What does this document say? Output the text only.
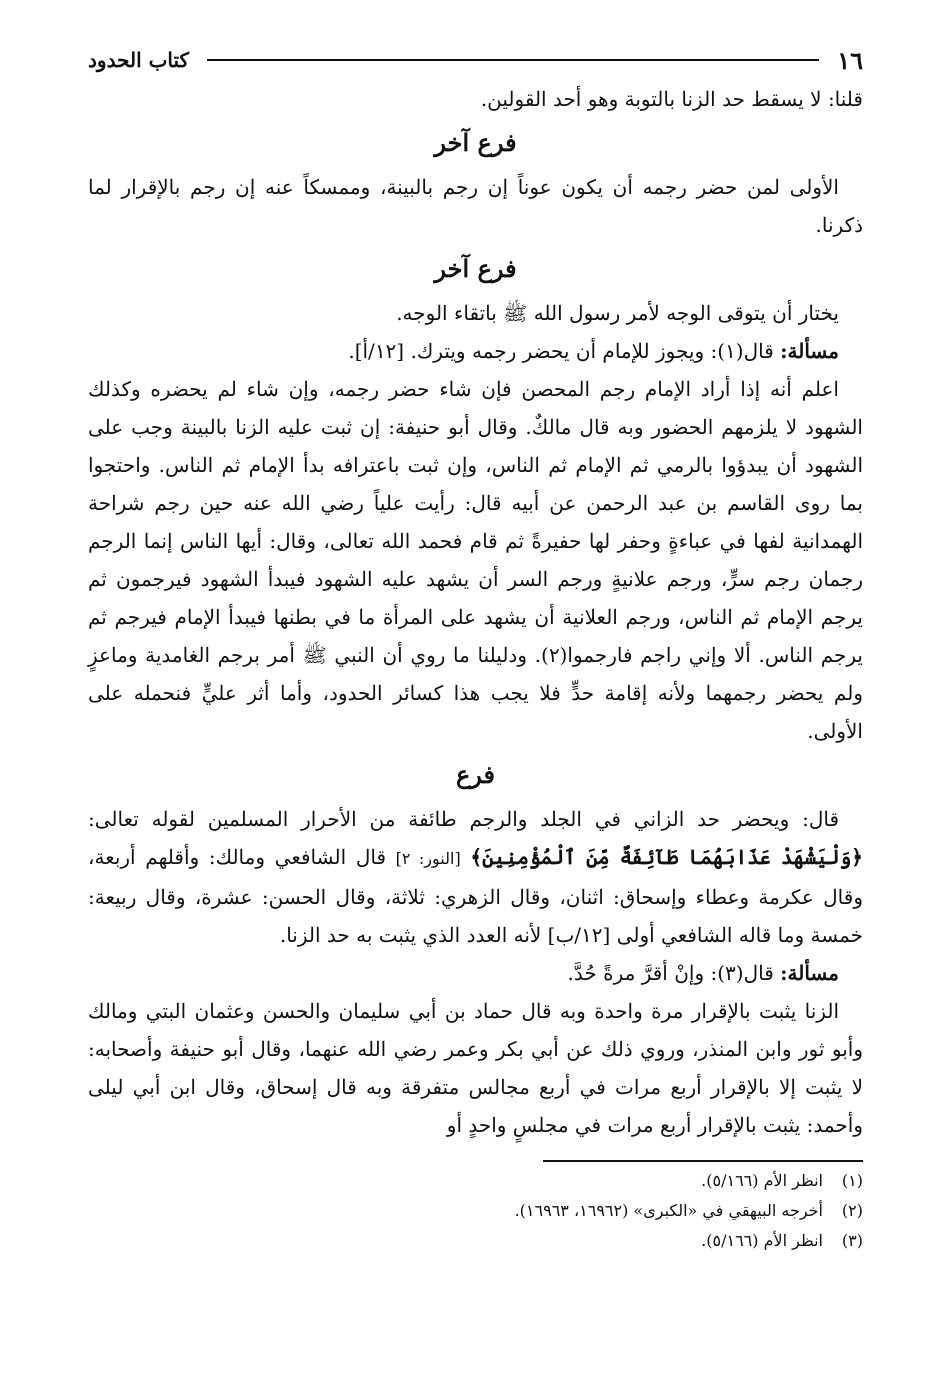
١٦
كتاب الحدود

قلنا: لا يسقط حد الزنا بالتوبة وهو أحد القولين.

فرع آخر

الأولى لمن حضر رجمه أن يكون عوناً إن رجم بالبينة، وممسكاً عنه إن رجم بالإقرار لما ذكرنا.

فرع آخر

يختار أن يتوقى الوجه لأمر رسول الله ﷺ باتقاء الوجه.

مسألة: قال(١): ويجوز للإمام أن يحضر رجمه ويترك. [١٢/أ].

اعلم أنه إذا أراد الإمام رجم المحصن فإن شاء حضر رجمه، وإن شاء لم يحضره وكذلك الشهود لا يلزمهم الحضور وبه قال مالكٌ. وقال أبو حنيفة: إن ثبت عليه الزنا بالبينة وجب على الشهود أن يبدؤوا بالرمي ثم الإمام ثم الناس، وإن ثبت باعترافه بدأ الإمام ثم الناس. واحتجوا بما روى القاسم بن عبد الرحمن عن أبيه قال: رأيت علياً رضي الله عنه حين رجم شراحة الهمدانية لفها في عباءةٍ وحفر لها حفيرةً ثم قام فحمد الله تعالى، وقال: أيها الناس إنما الرجم رجمان رجم سرٍّ، ورجم علانيةٍ ورجم السر أن يشهد عليه الشهود فيبدأ الشهود فيرجمون ثم يرجم الإمام ثم الناس، ورجم العلانية أن يشهد على المرأة ما في بطنها فيبدأ الإمام فيرجم ثم يرجم الناس. ألا وإني راجم فارجموا(٢). ودليلنا ما روي أن النبي ﷺ أمر برجم الغامدية وماعزٍ ولم يحضر رجمهما ولأنه إقامة حدٍّ فلا يجب هذا كسائر الحدود، وأما أثر عليٍّ فنحمله على الأولى.

فرع

قال: ويحضر حد الزاني في الجلد والرجم طائفة من الأحرار المسلمين لقوله تعالى: ﴿وَلْيَشْهَدْ عَذَابَهُمَا طَآئِفَةٌ مِّنَ ٱلْمُؤْمِنِينَ﴾ [النور: ٢] قال الشافعي ومالك: وأقلهم أربعة، وقال عكرمة وعطاء وإسحاق: اثنان، وقال الزهري: ثلاثة، وقال الحسن: عشرة، وقال ربيعة: خمسة وما قاله الشافعي أولى [١٢/ب] لأنه العدد الذي يثبت به حد الزنا.

مسألة: قال(٣): وإنْ أقرَّ مرةً حُدَّ.

الزنا يثبت بالإقرار مرة واحدة وبه قال حماد بن أبي سليمان والحسن وعثمان البتي ومالك وأبو ثور وابن المنذر، وروي ذلك عن أبي بكر وعمر رضي الله عنهما، وقال أبو حنيفة وأصحابه: لا يثبت إلا بالإقرار أربع مرات في أربع مجالس متفرقة وبه قال إسحاق، وقال ابن أبي ليلى وأحمد: يثبت بالإقرار أربع مرات في مجلسٍ واحدٍ أو

(١)
انظر الأم (٥/١٦٦).
(٢)
أخرجه البيهقي في «الكبرى» (١٦٩٦٢، ١٦٩٦٣).
(٣)
انظر الأم (٥/١٦٦).
